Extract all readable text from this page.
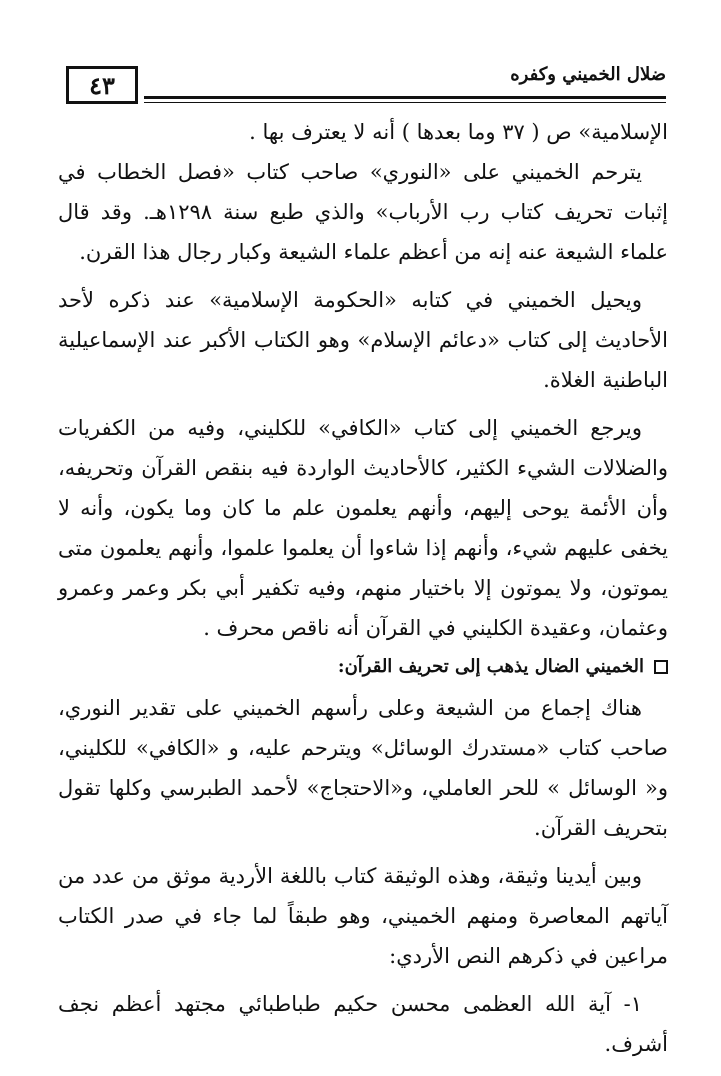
٤٣	ضلال الخميني وكفره

الإسلامية» ص ( ٣٧ وما بعدها ) أنه لا يعترف بها .

يترحم الخميني على «النوري» صاحب كتاب «فصل الخطاب في إثبات تحريف كتاب رب الأرباب» والذي طبع سنة ١٢٩٨هـ. وقد قال علماء الشيعة عنه إنه من أعظم علماء الشيعة وكبار رجال هذا القرن.

ويحيل الخميني في كتابه «الحكومة الإسلامية» عند ذكره لأحد الأحاديث إلى كتاب «دعائم الإسلام» وهو الكتاب الأكبر عند الإسماعيلية الباطنية الغلاة.

ويرجع الخميني إلى كتاب «الكافي» للكليني، وفيه من الكفريات والضلالات الشيء الكثير، كالأحاديث الواردة فيه بنقص القرآن وتحريفه، وأن الأئمة يوحى إليهم، وأنهم يعلمون علم ما كان وما يكون، وأنه لا يخفى عليهم شيء، وأنهم إذا شاءوا أن يعلموا علموا، وأنهم يعلمون متى يموتون، ولا يموتون إلا باختيار منهم، وفيه تكفير أبي بكر وعمر وعمرو وعثمان، وعقيدة الكليني في القرآن أنه ناقص محرف .

الخميني الضال يذهب إلى تحريف القرآن:

هناك إجماع من الشيعة وعلى رأسهم الخميني على تقدير النوري، صاحب كتاب «مستدرك الوسائل» ويترحم عليه، و «الكافي» للكليني، و« الوسائل » للحر العاملي، و«الاحتجاج» لأحمد الطبرسي وكلها تقول بتحريف القرآن.

وبين أيدينا وثيقة، وهذه الوثيقة كتاب باللغة الأردية موثق من عدد من آياتهم المعاصرة ومنهم الخميني، وهو طبقاً لما جاء في صدر الكتاب مراعين في ذكرهم النص الأردي:

١- آية الله العظمى محسن حكيم طباطبائي مجتهد أعظم نجف أشرف.
